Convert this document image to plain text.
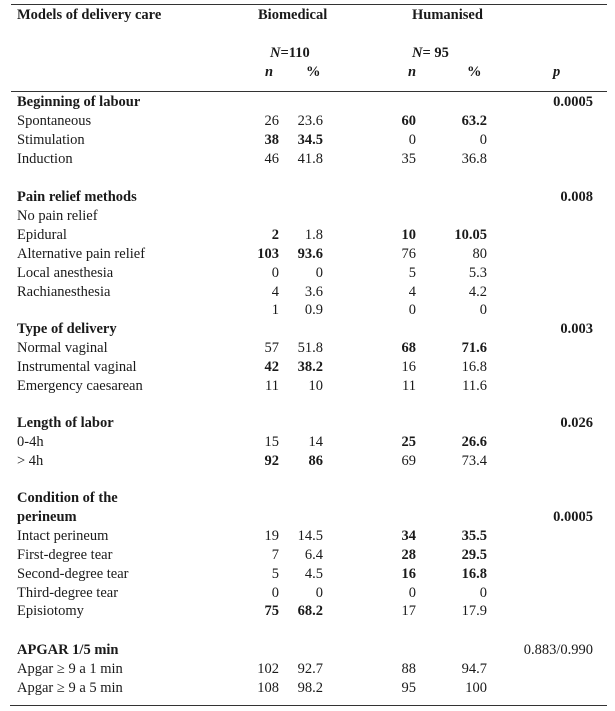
Models of delivery care	Biomedical	Humanised
N=110	N= 95
n %	n	%	p
Beginning of labour	0.0005
Spontaneous	26 23.6	60	63.2
Stimulation	38 34.5	0	0
Induction	46 41.8	35	36.8
Pain relief methods	0.008
No pain relief
Epidural	2 1.8	10	10.05
Alternative pain relief	103 93.6	76	80
Local anesthesia	0	0	5	5.3
Rachianesthesia	4 3.6	4	4.2
1 0.9	0	0
Type of delivery	0.003
Normal vaginal	57 51.8	68	71.6
Instrumental vaginal	42 38.2	16	16.8
Emergency caesarean	11 10	11	11.6
Length of labor	0.026
0-4h	15 14	25	26.6
> 4h	92 86	69	73.4
Condition of the
perineum	0.0005
Intact perineum	19 14.5	34	35.5
First-degree tear	7 6.4	28	29.5
Second-degree tear	5 4.5	16	16.8
Third-degree tear	0	0	0	0
Episiotomy	75 68.2	17	17.9
APGAR 1/5 min	0.883/0.990
Apgar ≥ 9 a 1 min	102 92.7	88	94.7
Apgar ≥ 9 a 5 min	108 98.2	95	100
